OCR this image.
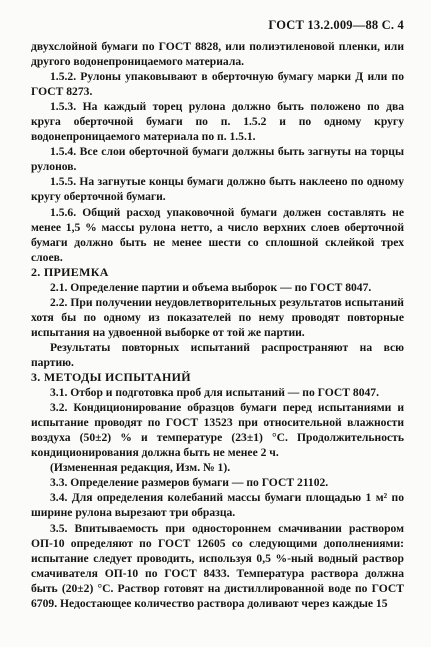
ГОСТ 13.2.009—88 С. 4

двухслойной бумаги по ГОСТ 8828, или полиэтиленовой пленки, или другого водонепроницаемого материала.

1.5.2. Рулоны упаковывают в оберточную бумагу марки Д или по ГОСТ 8273.

1.5.3. На каждый торец рулона должно быть положено по два круга оберточной бумаги по п. 1.5.2 и по одному кругу водонепроницаемого материала по п. 1.5.1.

1.5.4. Все слои оберточной бумаги должны быть загнуты на торцы рулонов.

1.5.5. На загнутые концы бумаги должно быть наклеено по одному кругу оберточной бумаги.

1.5.6. Общий расход упаковочной бумаги должен составлять не менее 1,5 % массы рулона нетто, а число верхних слоев оберточной бумаги должно быть не менее шести со сплошной склейкой трех слоев.

2. ПРИЕМКА

2.1. Определение партии и объема выборок — по ГОСТ 8047.

2.2. При получении неудовлетворительных результатов испытаний хотя бы по одному из показателей по нему проводят повторные испытания на удвоенной выборке от той же партии.

Результаты повторных испытаний распространяют на всю партию.

3. МЕТОДЫ ИСПЫТАНИЙ

3.1. Отбор и подготовка проб для испытаний — по ГОСТ 8047.

3.2. Кондиционирование образцов бумаги перед испытаниями и испытание проводят по ГОСТ 13523 при относительной влажности воздуха (50±2) % и температуре (23±1) °С. Продолжительность кондиционирования должна быть не менее 2 ч.

(Измененная редакция, Изм. № 1).

3.3. Определение размеров бумаги — по ГОСТ 21102.

3.4. Для определения колебаний массы бумаги площадью 1 м² по ширине рулона вырезают три образца.

3.5. Впитываемость при одностороннем смачивании раствором ОП-10 определяют по ГОСТ 12605 со следующими дополнениями: испытание следует проводить, используя 0,5 %-ный водный раствор смачивателя ОП-10 по ГОСТ 8433. Температура раствора должна быть (20±2) °С. Раствор готовят на дистиллированной воде по ГОСТ 6709. Недостающее количество раствора доливают через каждые 15
